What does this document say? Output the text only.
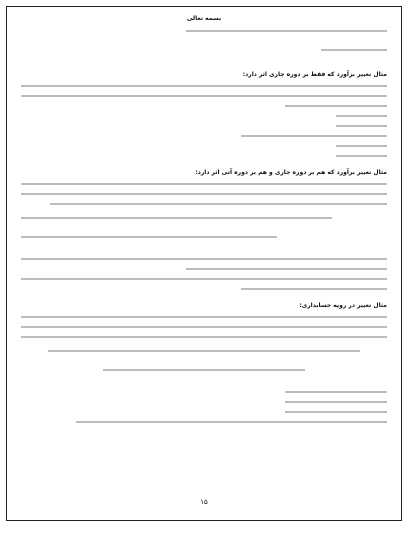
بسمه تعالی
مثال تغییر برآورد که فقط بر دوره جاری اثر دارد:
مثال تغییر برآورد که هم بر دوره جاری و هم بر دوره آتی اثر دارد:
مثال تغییر در رویه حسابداری:
۱۵
